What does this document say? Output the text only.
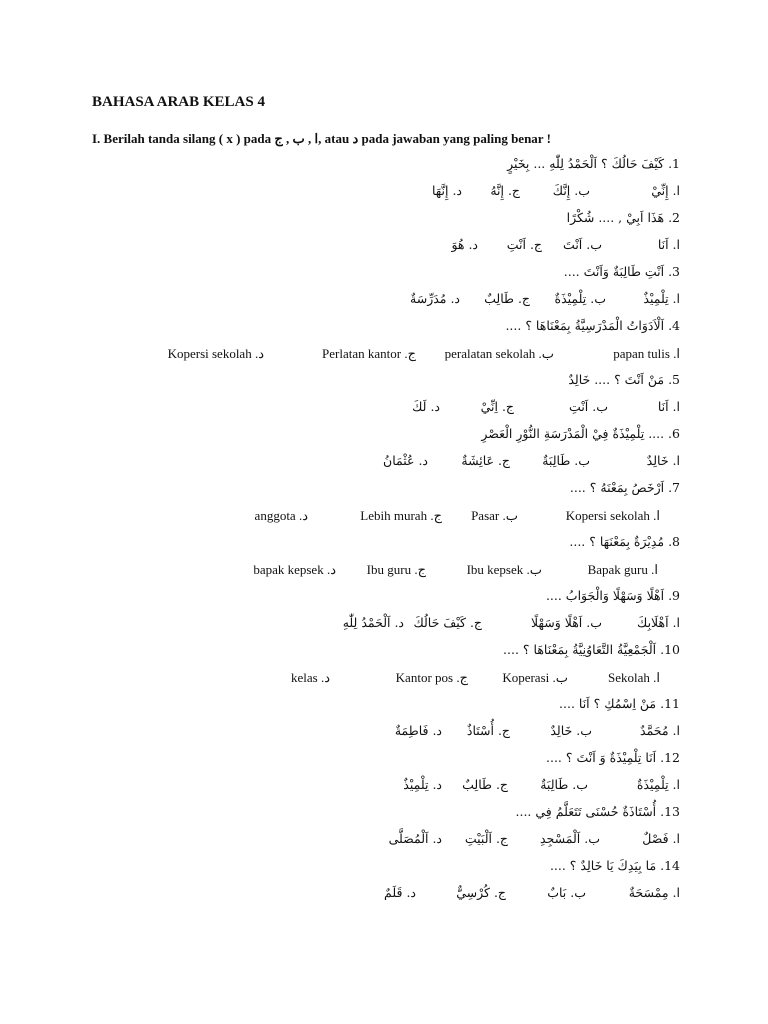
BAHASA ARAB KELAS 4
I. Berilah tanda silang ( x ) pada ا , ب , ج, atau د pada jawaban yang paling benar !
1. كَيْفَ حَالُكَ ؟ اَلْحَمْدُ لِلّٰهِ ... بِخَيْرٍ
ا. إِنِّيْ
ب. إِنَّكَ
ج. إِنَّهُ
د. إِنَّهَا
2. هَذَا اَبِيْ , .... شُكْرًا
ا. اَنَا
ب. اَنْتَ
ج. اَنْتِ
د. هُوَ
3. اَنْتِ طَالِبَةٌ وَاَنْتَ ....
ا. تِلْمِيْذٌ
ب. تِلْمِيْذَةٌ
ج. طَالِبٌ
د. مُدَرِّسَةٌ
4. اَلْاَدَوَاتُ الْمَدْرَسِيَّةُ بِمَعْنَاهَا ؟ ....
ا. papan tulis
ب. peralatan sekolah
ج. Perlatan kantor
د. Kopersi sekolah
5. مَنْ اَنْتَ ؟ .... خَالِدٌ
ا. اَنَا
ب. اَنْتِ
ج. اِنِّيْ
د. لَكَ
6. .... تِلْمِيْذَةٌ فِيْ الْمَدْرَسَةِ النُّوْرِ الْعَصْرِ
ا. خَالِدٌ
ب. طَالِبَةٌ
ج. عَائِشَةٌ
د. عُثْمَانُ
7. اَرْخَصُ بِمَعْنَهُ ؟ ....
ا. Kopersi sekolah
ب. Pasar
ج. Lebih murah
د. anggota
8. مُدِيْرَةٌ بِمَعْنَهَا ؟ ....
ا. Bapak guru
ب. Ibu kepsek
ج. Ibu guru
د. bapak kepsek
9. اَهْلًا وَسَهْلًا وَالْجَوَابُ ....
ا. اَهْلَابِكَ
ب. اَهْلًا وَسَهْلًا
ج. كَيْفَ حَالُكَ
د. اَلْحَمْدُ لِلّٰهِ
10. اَلْجَمْعِيَّةُ التَّعَاوُنِيَّةُ بِمَعْنَاهَا ؟ ....
ا. Sekolah
ب. Koperasi
ج. Kantor pos
د. kelas
11. مَنْ اِسْمُكِ ؟ اَنَا ....
ا. مُحَمَّدٌ
ب. خَالِدٌ
ج. أُسْتَاذٌ
د. فَاطِمَةٌ
12. اَنَا تِلْمِيْذَةٌ وَ اَنْتَ ؟ ....
ا. تِلْمِيْذَةٌ
ب. طَالِبَةٌ
ج. طَالِبٌ
د. تِلْمِيْذٌ
13. أُسْتَاذَةٌ حُسْنَى تَتَعَلَّمُ فِي ....
ا. فَصْلٌ
ب. اَلْمَسْجِدِ
ج. اَلْبَيْتِ
د. اَلْمُصَلَّى
14. مَا بِيَدِكَ يَا خَالِدٌ ؟ ....
ا. مِمْسَحَةٌ
ب. بَابٌ
ج. كُرْسِيٌّ
د. قَلَمٌ
